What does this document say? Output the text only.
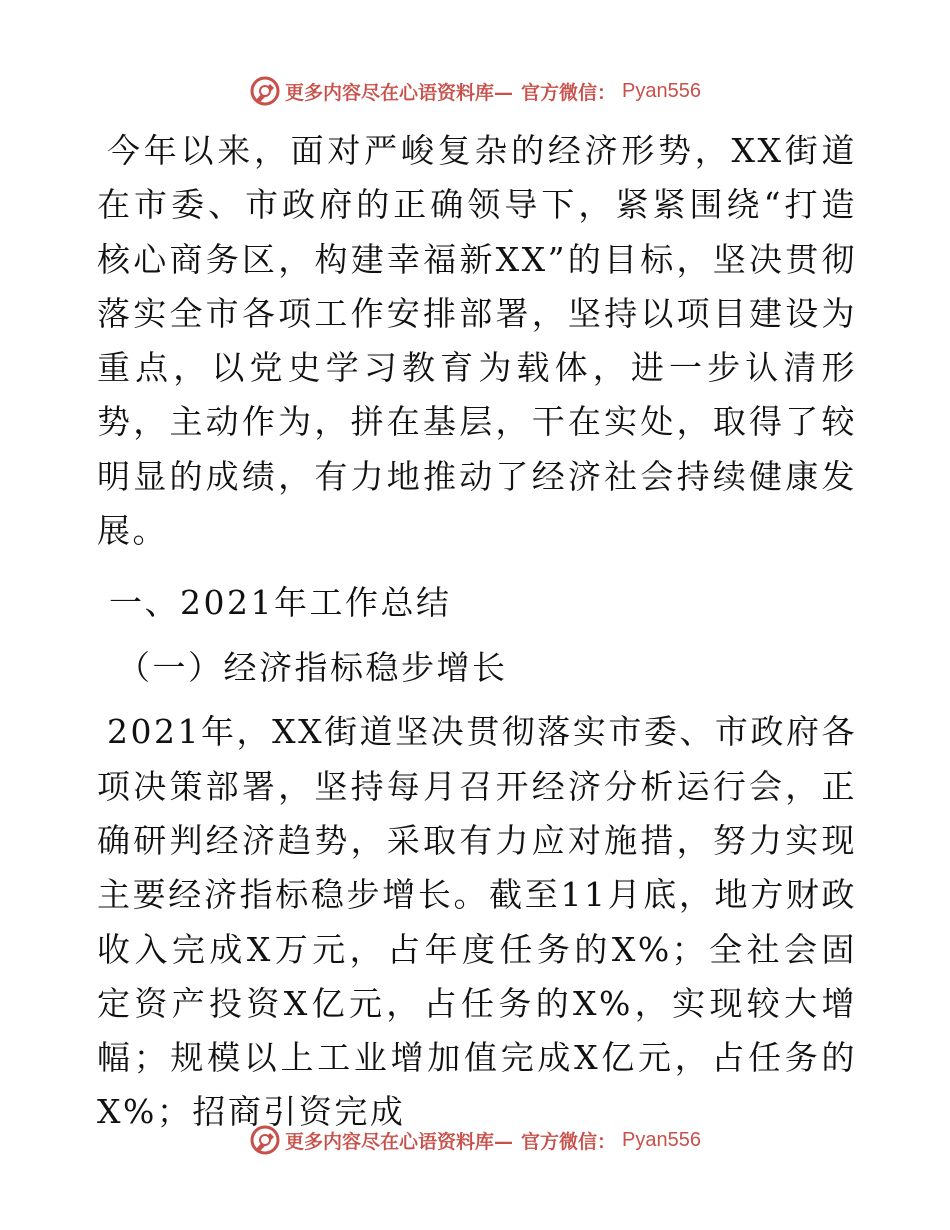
更多内容尽在心语资料库— 官方微信： Pyan556

今年以来，面对严峻复杂的经济形势，XX街道在市委、市政府的正确领导下，紧紧围绕“打造核心商务区，构建幸福新XX”的目标，坚决贯彻落实全市各项工作安排部署，坚持以项目建设为重点，以党史学习教育为载体，进一步认清形势，主动作为，拼在基层，干在实处，取得了较明显的成绩，有力地推动了经济社会持续健康发展。

一、2021年工作总结

（一）经济指标稳步增长

2021年，XX街道坚决贯彻落实市委、市政府各项决策部署，坚持每月召开经济分析运行会，正确研判经济趋势，采取有力应对施措，努力实现主要经济指标稳步增长。截至11月底，地方财政收入完成X万元，占年度任务的X%；全社会固定资产投资X亿元，占任务的X%，实现较大增幅；规模以上工业增加值完成X亿元，占任务的X%；招商引资完成

更多内容尽在心语资料库— 官方微信： Pyan556
